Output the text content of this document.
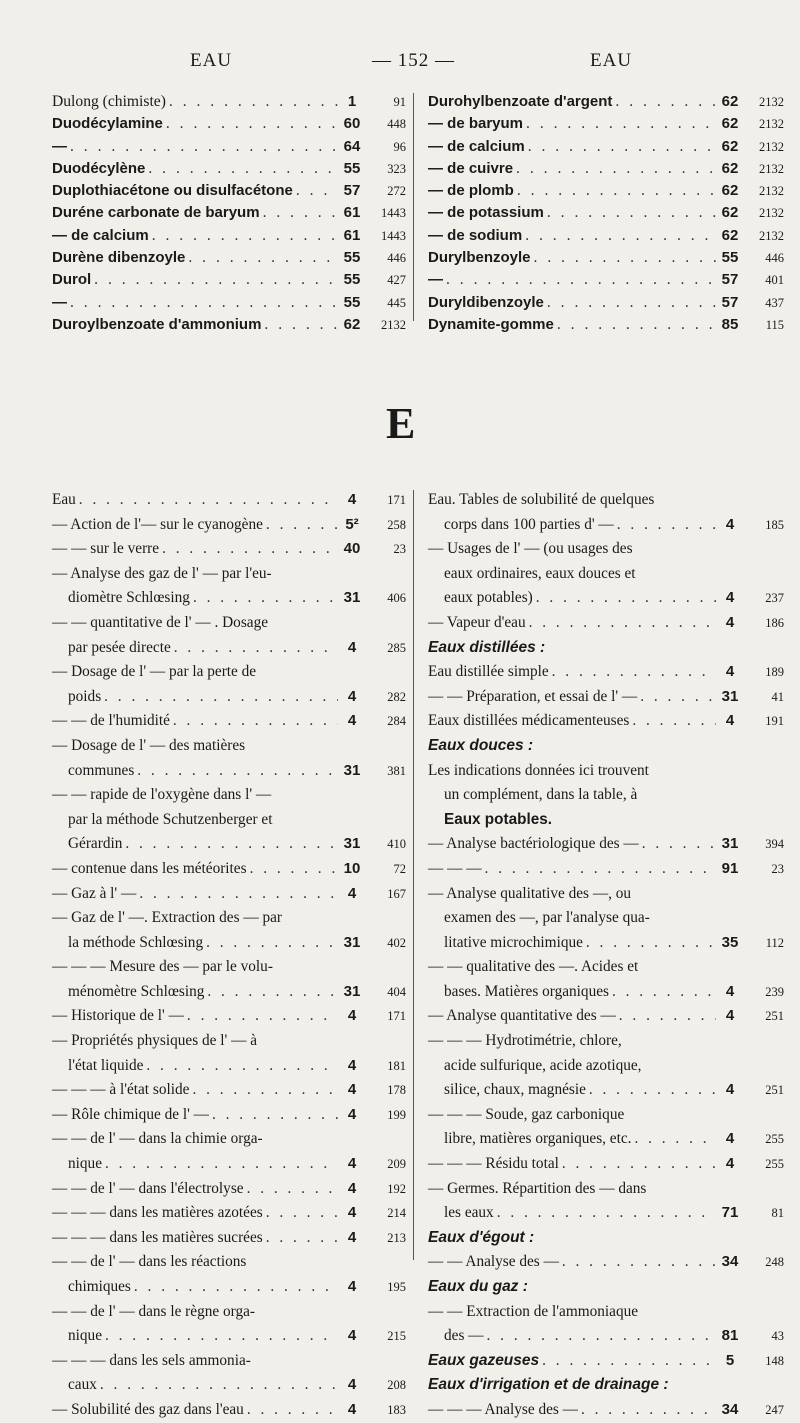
EAU	— 152 —	EAU
Dulong (chimiste) . . .	1	91
Duodécylamine . . .	60	448
— . . .	64	96
Duodécylène . . .	55	323
Duplothiacétone ou disulfacétone . . .	57	272
Duréne carbonate de baryum . . .	61	1443
— de calcium . . .	61	1443
Durène dibenzoyle . . .	55	446
Durol . . .	55	427
— . . .	55	445
Duroylbenzoate d'ammonium . . .	62	2132
Durohylbenzoate d'argent . . .	62	2132
— de baryum . . .	62	2132
— de calcium . . .	62	2132
— de cuivre . . .	62	2132
— de plomb . . .	62	2132
— de potassium . . .	62	2132
— de sodium . . .	62	2132
Durylbenzoyle . . .	55	446
— . . .	57	401
Duryldibenzoyle . . .	57	437
Dynamite-gomme . . .	85	115
E
Eau . . .	4	171
— Action de l'— sur le cyanogène . . .	5²	258
— — sur le verre . . .	40	23
— Analyse des gaz de l' — par l'eu-
diomètre Schlœsing . . .	31	406
— — quantitative de l' — . Dosage
par pesée directe . . .	4	285
— Dosage de l' — par la perte de
poids . . .	4	282
— — de l'humidité . . .	4	284
— Dosage de l' — des matières
communes . . .	31	381
— — rapide de l'oxygène dans l' —
par la méthode Schutzenberger et
Gérardin . . .	31	410
— contenue dans les météorites . . .	10	72
— Gaz à l' — . . .	4	167
— Gaz de l' —. Extraction des — par
la méthode Schlœsing . . .	31	402
— — — Mesure des — par le volu-
ménomètre Schlœsing . . .	31	404
— Historique de l' — . . .	4	171
— Propriétés physiques de l' — à
l'état liquide . . .	4	181
— — — à l'état solide . . .	4	178
— Rôle chimique de l' — . . .	4	199
— — de l' — dans la chimie orga-
nique . . .	4	209
— — de l' — dans l'électrolyse . . .	4	192
— — — dans les matières azotées . . .	4	214
— — — dans les matières sucrées . . .	4	213
— — de l' — dans les réactions
chimiques . . .	4	195
— — de l' — dans le règne orga-
nique . . .	4	215
— — — dans les sels ammonia-
caux . . .	4	208
— Solubilité des gaz dans l'eau . . .	4	183
Eau. Tables de solubilité de quelques
corps dans 100 parties d' — . . .	4	185
— Usages de l' — (ou usages des
eaux ordinaires, eaux douces et
eaux potables) . . .	4	237
— Vapeur d'eau . . .	4	186
Eaux distillées :
Eau distillée simple . . .	4	189
— — Préparation, et essai de l' — . . .	31	41
Eaux distillées médicamenteuses . . .	4	191
Eaux douces :
Les indications données ici trouvent
un complément, dans la table, à
Eaux potables.
— Analyse bactériologique des — . . .	31	394
— — — . . .	91	23
— Analyse qualitative des —, ou
examen des —, par l'analyse qua-
litative microchimique . . .	35	112
— — qualitative des —. Acides et
bases. Matières organiques . . .	4	239
— Analyse quantitative des — . . .	4	251
— — — Hydrotimétrie, chlore,
acide sulfurique, acide azotique,
silice, chaux, magnésie . . .	4	251
— — — Soude, gaz carbonique
libre, matières organiques, etc. . . .	4	255
— — — Résidu total . . .	4	255
— Germes. Répartition des — dans
les eaux . . .	71	81
Eaux d'égout :
— — Analyse des — . . .	34	248
Eaux du gaz :
— — Extraction de l'ammoniaque
des — . . .	81	43
Eaux gazeuses . . .	5	148
Eaux d'irrigation et de drainage :
— — — Analyse des — . . .	34	247
